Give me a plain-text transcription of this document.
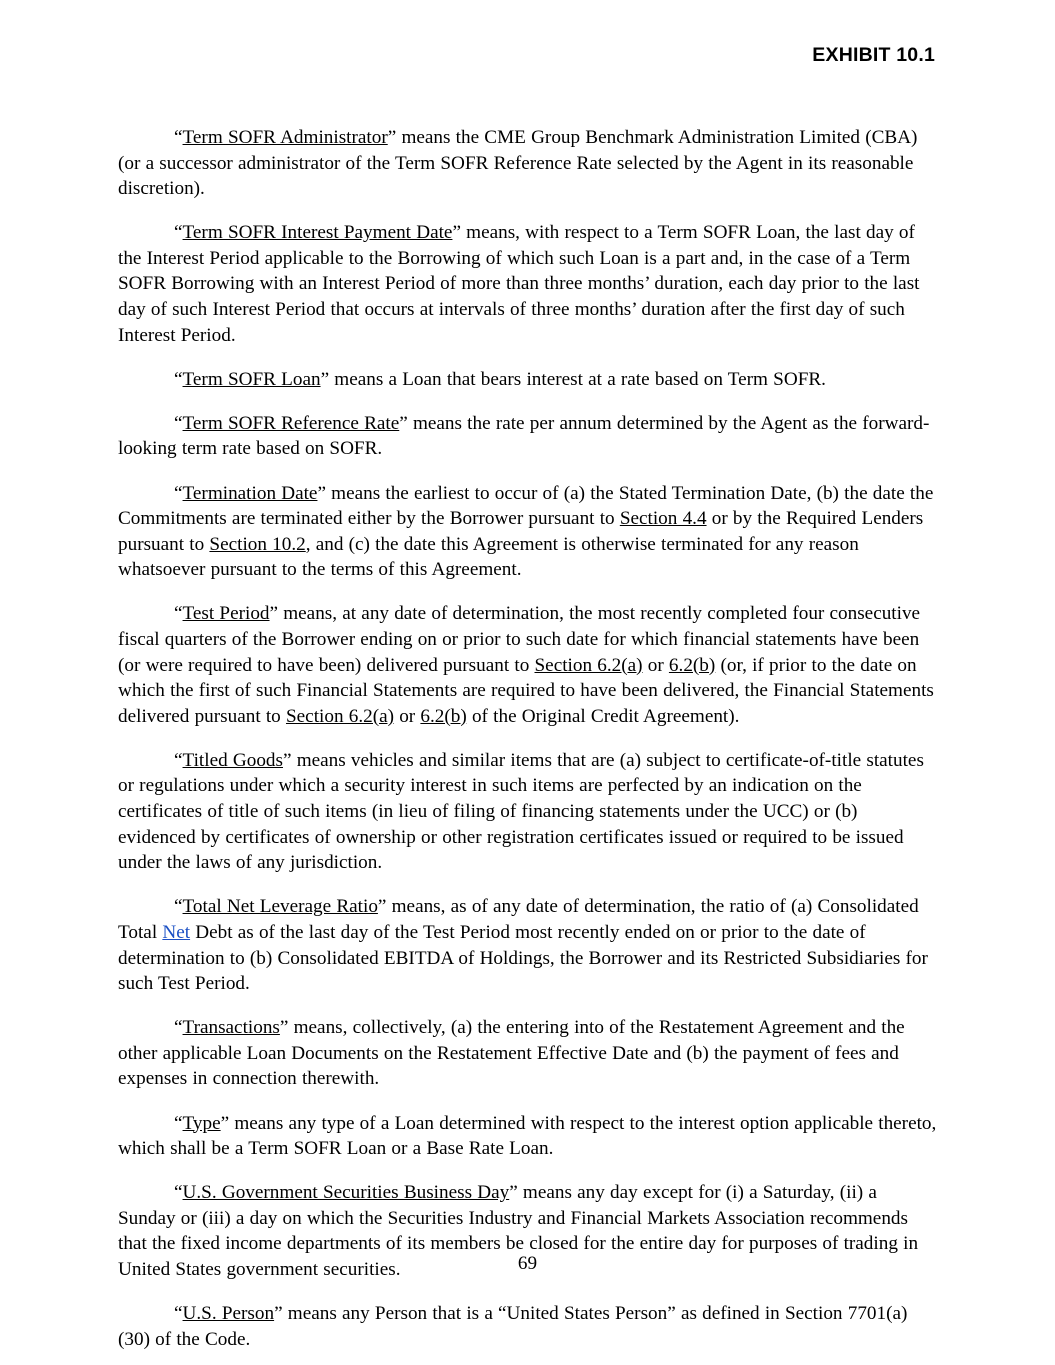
EXHIBIT 10.1

“Term SOFR Administrator” means the CME Group Benchmark Administration Limited (CBA) (or a successor administrator of the Term SOFR Reference Rate selected by the Agent in its reasonable discretion).

“Term SOFR Interest Payment Date” means, with respect to a Term SOFR Loan, the last day of the Interest Period applicable to the Borrowing of which such Loan is a part and, in the case of a Term SOFR Borrowing with an Interest Period of more than three months’ duration, each day prior to the last day of such Interest Period that occurs at intervals of three months’ duration after the first day of such Interest Period.

“Term SOFR Loan” means a Loan that bears interest at a rate based on Term SOFR.

“Term SOFR Reference Rate” means the rate per annum determined by the Agent as the forward-looking term rate based on SOFR.

“Termination Date” means the earliest to occur of (a) the Stated Termination Date, (b) the date the Commitments are terminated either by the Borrower pursuant to Section 4.4 or by the Required Lenders pursuant to Section 10.2, and (c) the date this Agreement is otherwise terminated for any reason whatsoever pursuant to the terms of this Agreement.

“Test Period” means, at any date of determination, the most recently completed four consecutive fiscal quarters of the Borrower ending on or prior to such date for which financial statements have been (or were required to have been) delivered pursuant to Section 6.2(a) or 6.2(b) (or, if prior to the date on which the first of such Financial Statements are required to have been delivered, the Financial Statements delivered pursuant to Section 6.2(a) or 6.2(b) of the Original Credit Agreement).

“Titled Goods” means vehicles and similar items that are (a) subject to certificate-of-title statutes or regulations under which a security interest in such items are perfected by an indication on the certificates of title of such items (in lieu of filing of financing statements under the UCC) or (b) evidenced by certificates of ownership or other registration certificates issued or required to be issued under the laws of any jurisdiction.

“Total Net Leverage Ratio” means, as of any date of determination, the ratio of (a) Consolidated Total Net Debt as of the last day of the Test Period most recently ended on or prior to the date of determination to (b) Consolidated EBITDA of Holdings, the Borrower and its Restricted Subsidiaries for such Test Period.

“Transactions” means, collectively, (a) the entering into of the Restatement Agreement and the other applicable Loan Documents on the Restatement Effective Date and (b) the payment of fees and expenses in connection therewith.

“Type” means any type of a Loan determined with respect to the interest option applicable thereto, which shall be a Term SOFR Loan or a Base Rate Loan.

“U.S. Government Securities Business Day” means any day except for (i) a Saturday, (ii) a Sunday or (iii) a day on which the Securities Industry and Financial Markets Association recommends that the fixed income departments of its members be closed for the entire day for purposes of trading in United States government securities.

“U.S. Person” means any Person that is a “United States Person” as defined in Section 7701(a)(30) of the Code.

69
